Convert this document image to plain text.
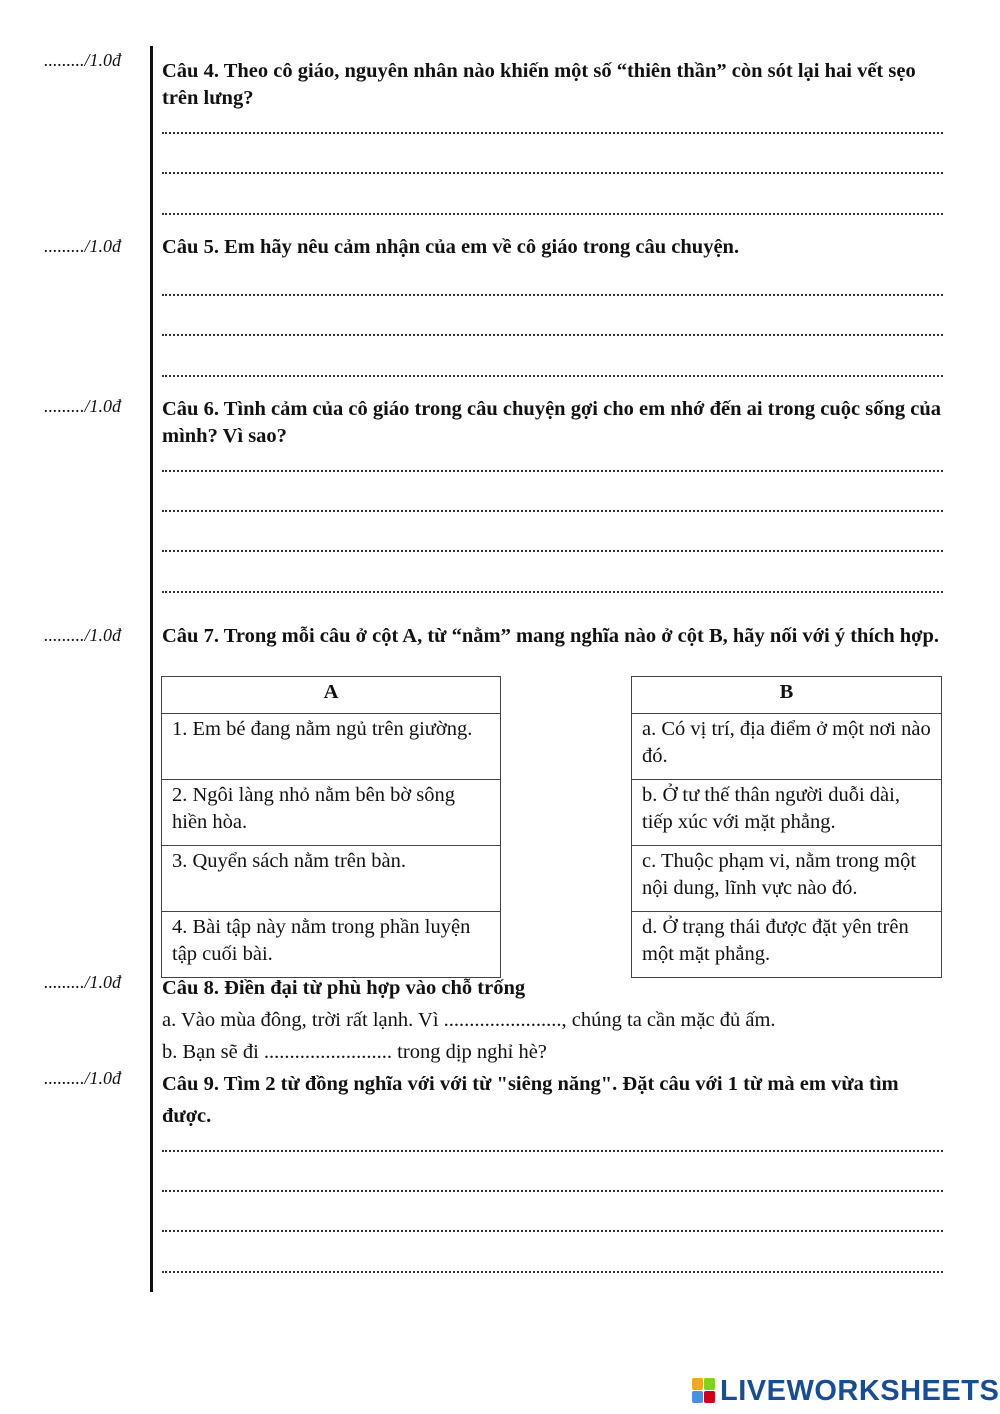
........./1.0đ
........./1.0đ
........./1.0đ
........./1.0đ
........./1.0đ
........./1.0đ
Câu 4. Theo cô giáo, nguyên nhân nào khiến một số “thiên thần” còn sót lại hai vết sẹo trên lưng?
Câu 5. Em hãy nêu cảm nhận của em về cô giáo trong câu chuyện.
Câu 6. Tình cảm của cô giáo trong câu chuyện gợi cho em nhớ đến ai trong cuộc sống của mình? Vì sao?
Câu 7. Trong mỗi câu ở cột A, từ “nằm” mang nghĩa nào ở cột B, hãy nối với ý thích hợp.
A
1. Em bé đang nằm ngủ trên giường.
2. Ngôi làng nhỏ nằm bên bờ sông hiền hòa.
3. Quyển sách nằm trên bàn.
4. Bài tập này nằm trong phần luyện tập cuối bài.
B
a. Có vị trí, địa điểm ở một nơi nào đó.
b. Ở tư thế thân người duỗi dài, tiếp xúc với mặt phẳng.
c. Thuộc phạm vi, nằm trong một nội dung, lĩnh vực nào đó.
d. Ở trạng thái được đặt yên trên một mặt phẳng.
Câu 8. Điền đại từ phù hợp vào chỗ trống
a. Vào mùa đông, trời rất lạnh. Vì ......................., chúng ta cần mặc đủ ấm.
b. Bạn sẽ đi ......................... trong dịp nghỉ hè?
Câu 9. Tìm 2 từ đồng nghĩa với với từ "siêng năng". Đặt câu với 1 từ mà em vừa tìm được.
LIVEWORKSHEETS
